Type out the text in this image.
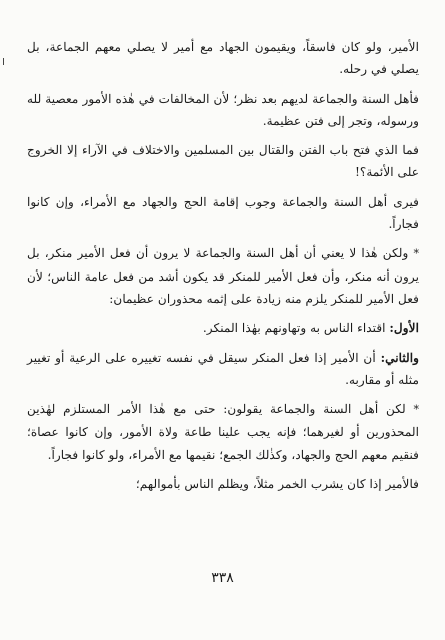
الأمير، ولو كان فاسقاً، ويقيمون الجهاد مع أمير لا يصلي معهم الجماعة، بل يصلي في رحله.

فأهل السنة والجماعة لديهم بعد نظر؛ لأن المخالفات في هٰذه الأمور معصية لله ورسوله، وتجر إلى فتن عظيمة.

فما الذي فتح باب الفتن والقتال بين المسلمين والاختلاف في الآراء إلا الخروج على الأئمة؟!

فيرى أهل السنة والجماعة وجوب إقامة الحج والجهاد مع الأمراء، وإن كانوا فجاراً.

* ولكن هٰذا لا يعني أن أهل السنة والجماعة لا يرون أن فعل الأمير منكر، بل يرون أنه منكر، وأن فعل الأمير للمنكر قد يكون أشد من فعل عامة الناس؛ لأن فعل الأمير للمنكر يلزم منه زيادة على إثمه محذوران عظيمان:

الأول: اقتداء الناس به وتهاونهم بهٰذا المنكر.

والثاني: أن الأمير إذا فعل المنكر سيقل في نفسه تغييره على الرعية أو تغيير مثله أو مقاربه.

* لكن أهل السنة والجماعة يقولون: حتى مع هٰذا الأمر المستلزم لهٰذين المحذورين أو لغيرهما؛ فإنه يجب علينا طاعة ولاة الأمور، وإن كانوا عصاة؛ فنقيم معهم الحج والجهاد، وكذٰلك الجمع؛ نقيمها مع الأمراء، ولو كانوا فجاراً.

فالأمير إذا كان يشرب الخمر مثلاً، ويظلم الناس بأموالهم؛

٣٣٨
